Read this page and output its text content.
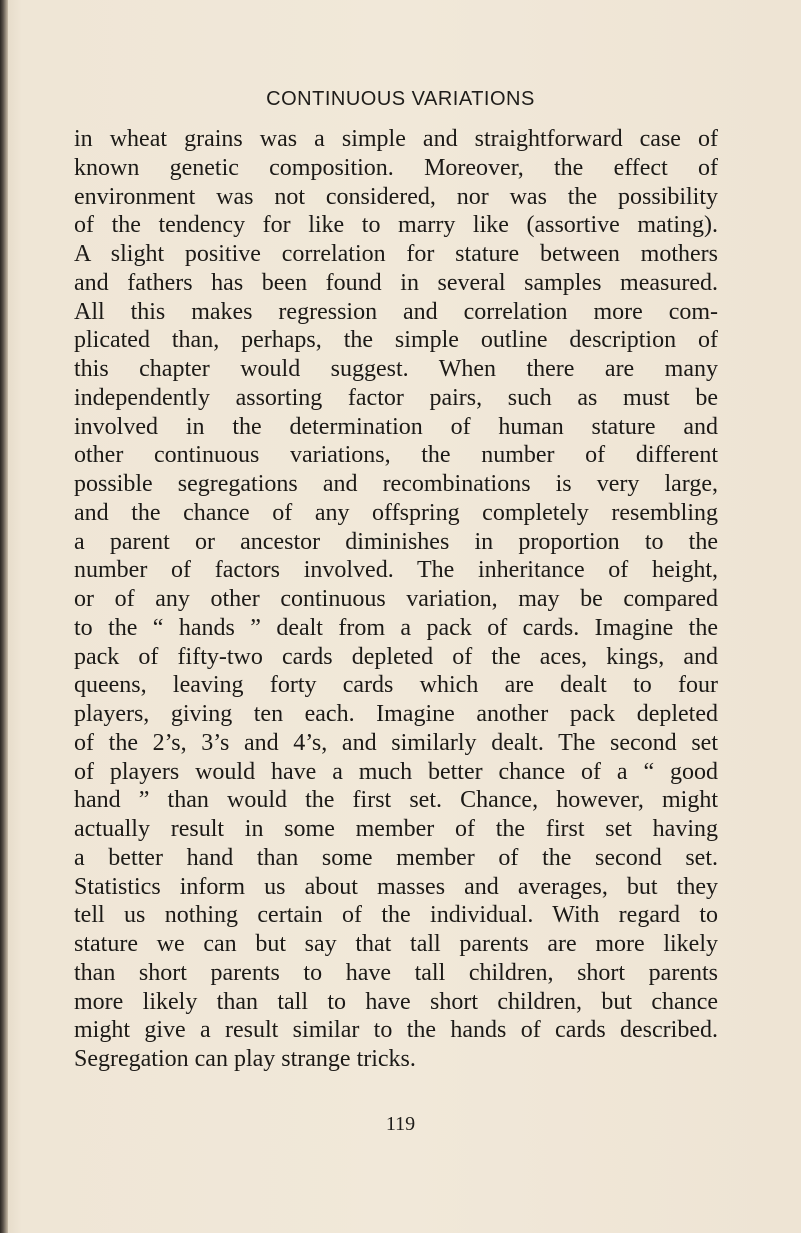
CONTINUOUS VARIATIONS
in wheat grains was a simple and straightforward case of
known genetic composition. Moreover, the effect of
environment was not considered, nor was the possibility
of the tendency for like to marry like (assortive mating).
A slight positive correlation for stature between mothers
and fathers has been found in several samples measured.
All this makes regression and correlation more com-
plicated than, perhaps, the simple outline description of
this chapter would suggest. When there are many
independently assorting factor pairs, such as must be
involved in the determination of human stature and
other continuous variations, the number of different
possible segregations and recombinations is very large,
and the chance of any offspring completely resembling
a parent or ancestor diminishes in proportion to the
number of factors involved. The inheritance of height,
or of any other continuous variation, may be compared
to the “ hands ” dealt from a pack of cards. Imagine the
pack of fifty-two cards depleted of the aces, kings, and
queens, leaving forty cards which are dealt to four
players, giving ten each. Imagine another pack depleted
of the 2’s, 3’s and 4’s, and similarly dealt. The second set
of players would have a much better chance of a “ good
hand ” than would the first set. Chance, however, might
actually result in some member of the first set having
a better hand than some member of the second set.
Statistics inform us about masses and averages, but they
tell us nothing certain of the individual. With regard to
stature we can but say that tall parents are more likely
than short parents to have tall children, short parents
more likely than tall to have short children, but chance
might give a result similar to the hands of cards described.
Segregation can play strange tricks.
119
